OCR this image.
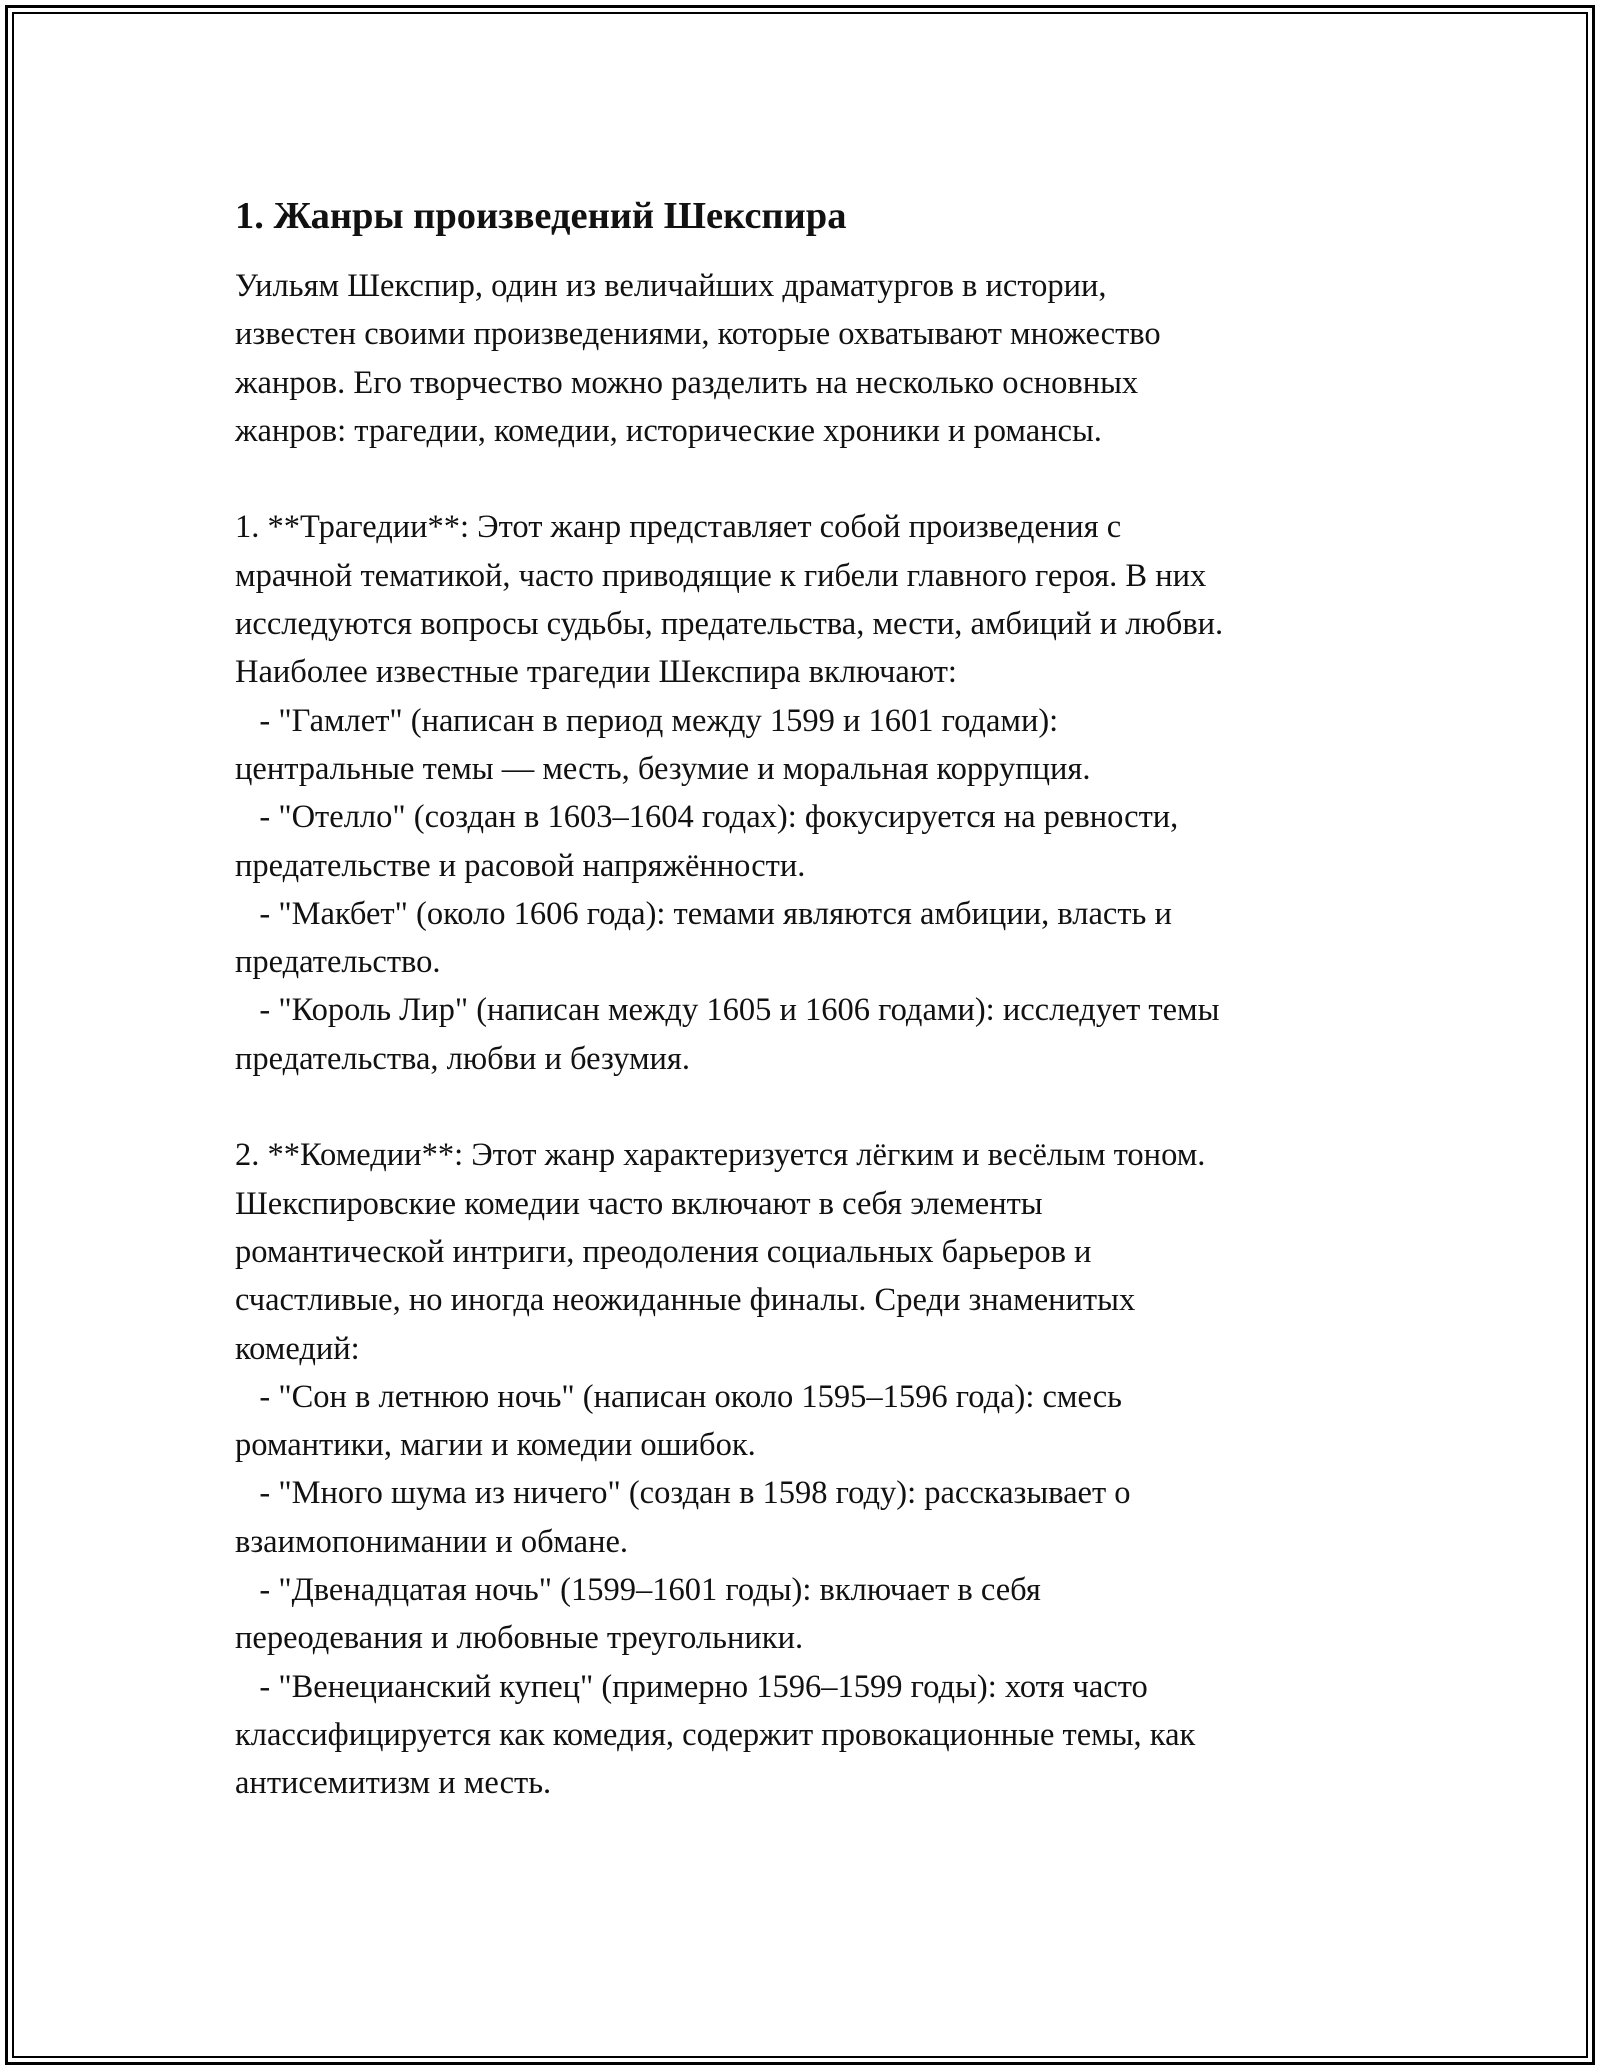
1. Жанры произведений Шекспира
Уильям Шекспир, один из величайших драматургов в истории,
известен своими произведениями, которые охватывают множество
жанров. Его творчество можно разделить на несколько основных
жанров: трагедии, комедии, исторические хроники и романсы.
1. **Трагедии**: Этот жанр представляет собой произведения с
мрачной тематикой, часто приводящие к гибели главного героя. В них
исследуются вопросы судьбы, предательства, мести, амбиций и любви.
Наиболее известные трагедии Шекспира включают:
- "Гамлет" (написан в период между 1599 и 1601 годами):
центральные темы — месть, безумие и моральная коррупция.
- "Отелло" (создан в 1603–1604 годах): фокусируется на ревности,
предательстве и расовой напряжённости.
- "Макбет" (около 1606 года): темами являются амбиции, власть и
предательство.
- "Король Лир" (написан между 1605 и 1606 годами): исследует темы
предательства, любви и безумия.
2. **Комедии**: Этот жанр характеризуется лёгким и весёлым тоном.
Шекспировские комедии часто включают в себя элементы
романтической интриги, преодоления социальных барьеров и
счастливые, но иногда неожиданные финалы. Среди знаменитых
комедий:
- "Сон в летнюю ночь" (написан около 1595–1596 года): смесь
романтики, магии и комедии ошибок.
- "Много шума из ничего" (создан в 1598 году): рассказывает о
взаимопонимании и обмане.
- "Двенадцатая ночь" (1599–1601 годы): включает в себя
переодевания и любовные треугольники.
- "Венецианский купец" (примерно 1596–1599 годы): хотя часто
классифицируется как комедия, содержит провокационные темы, как
антисемитизм и месть.
